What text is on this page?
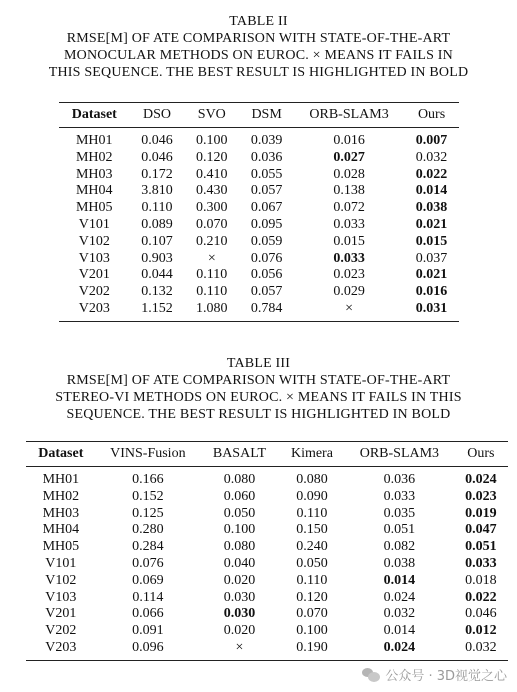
TABLE II
RMSE[M] OF ATE COMPARISON WITH STATE-OF-THE-ART
MONOCULAR METHODS ON EUROC. × MEANS IT FAILS IN
THIS SEQUENCE. THE BEST RESULT IS HIGHLIGHTED IN BOLD
Dataset	DSO	SVO	DSM	ORB-SLAM3	Ours
MH01	0.046	0.100	0.039	0.016	0.007
MH02	0.046	0.120	0.036	0.027	0.032
MH03	0.172	0.410	0.055	0.028	0.022
MH04	3.810	0.430	0.057	0.138	0.014
MH05	0.110	0.300	0.067	0.072	0.038
V101	0.089	0.070	0.095	0.033	0.021
V102	0.107	0.210	0.059	0.015	0.015
V103	0.903	×	0.076	0.033	0.037
V201	0.044	0.110	0.056	0.023	0.021
V202	0.132	0.110	0.057	0.029	0.016
V203	1.152	1.080	0.784	×	0.031
TABLE III
RMSE[M] OF ATE COMPARISON WITH STATE-OF-THE-ART
STEREO-VI METHODS ON EUROC. × MEANS IT FAILS IN THIS
SEQUENCE. THE BEST RESULT IS HIGHLIGHTED IN BOLD
Dataset	VINS-Fusion	BASALT	Kimera	ORB-SLAM3	Ours
MH01	0.166	0.080	0.080	0.036	0.024
MH02	0.152	0.060	0.090	0.033	0.023
MH03	0.125	0.050	0.110	0.035	0.019
MH04	0.280	0.100	0.150	0.051	0.047
MH05	0.284	0.080	0.240	0.082	0.051
V101	0.076	0.040	0.050	0.038	0.033
V102	0.069	0.020	0.110	0.014	0.018
V103	0.114	0.030	0.120	0.024	0.022
V201	0.066	0.030	0.070	0.032	0.046
V202	0.091	0.020	0.100	0.014	0.012
V203	0.096	×	0.190	0.024	0.032
公众号 · 3D视觉之心
